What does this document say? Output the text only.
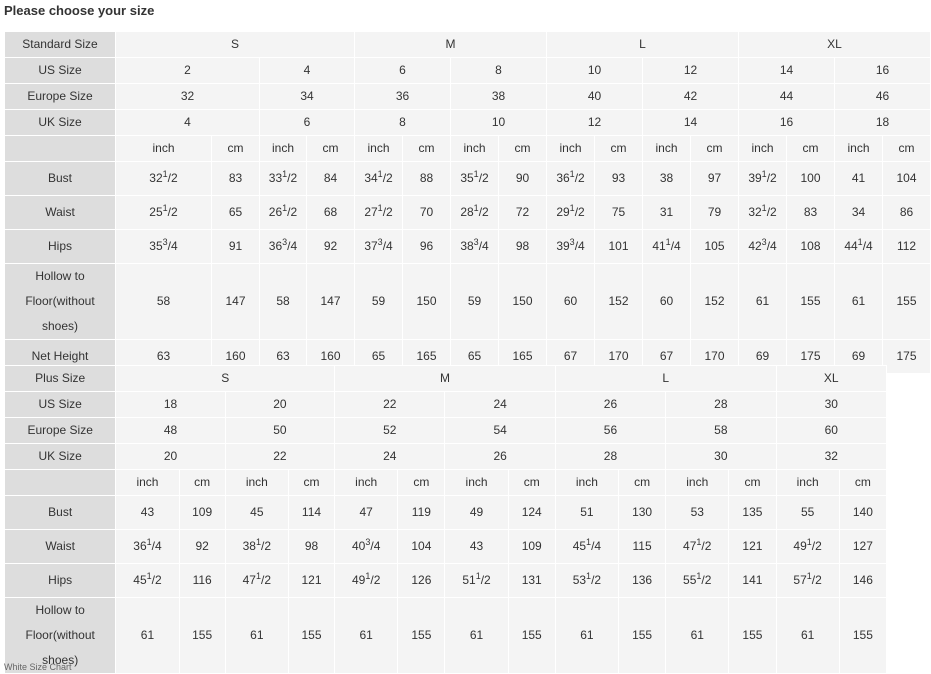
Please choose your size
Standard Size	S				M				L				XL			
US Size	2		4		6		8		10		12		14		16	
Europe Size	32		34		36		38		40		42		44		46	
UK Size	4		6		8		10		12		14		16		18	
	inch	cm	inch	cm	inch	cm	inch	cm	inch	cm	inch	cm	inch	cm	inch	cm
Bust	$32^1/2$	83	$33^1/2$	84	$34^1/2$	88	$35^1/2$	90	$36^1/2$	93	38	97	$39^1/2$	100	41	104
Waist	$25^1/2$	65	$26^1/2$	68	$27^1/2$	70	$28^1/2$	72	$29^1/2$	75	31	79	$32^1/2$	83	34	86
Hips	$35^3/4$	91	$36^3/4$	92	$37^3/4$	96	$38^3/4$	98	$39^3/4$	101	$41^1/4$	105	$42^3/4$	108	$44^1/4$	112
Hollow to Floor(without shoes)	58	147	58	147	59	150	59	150	60	152	60	152	61	155	61	155
Net Height	63	160	63	160	65	165	65	165	67	170	67	170	69	175	69	175
Plus Size	S				M				L				XL	
US Size	18		20		22		24		26		28		30	
Europe Size	48		50		52		54		56		58		60	
UK Size	20		22		24		26		28		30		32	
	inch	cm	inch	cm	inch	cm	inch	cm	inch	cm	inch	cm	inch	cm
Bust	43	109	45	114	47	119	49	124	51	130	53	135	55	140
Waist	$36^1/4$	92	$38^1/2$	98	$40^3/4$	104	43	109	$45^1/4$	115	$47^1/2$	121	$49^1/2$	127
Hips	$45^1/2$	116	$47^1/2$	121	$49^1/2$	126	$51^1/2$	131	$53^1/2$	136	$55^1/2$	141	$57^1/2$	146
Hollow to Floor(without shoes)	61	155	61	155	61	155	61	155	61	155	61	155	61	155
White Size Chart
